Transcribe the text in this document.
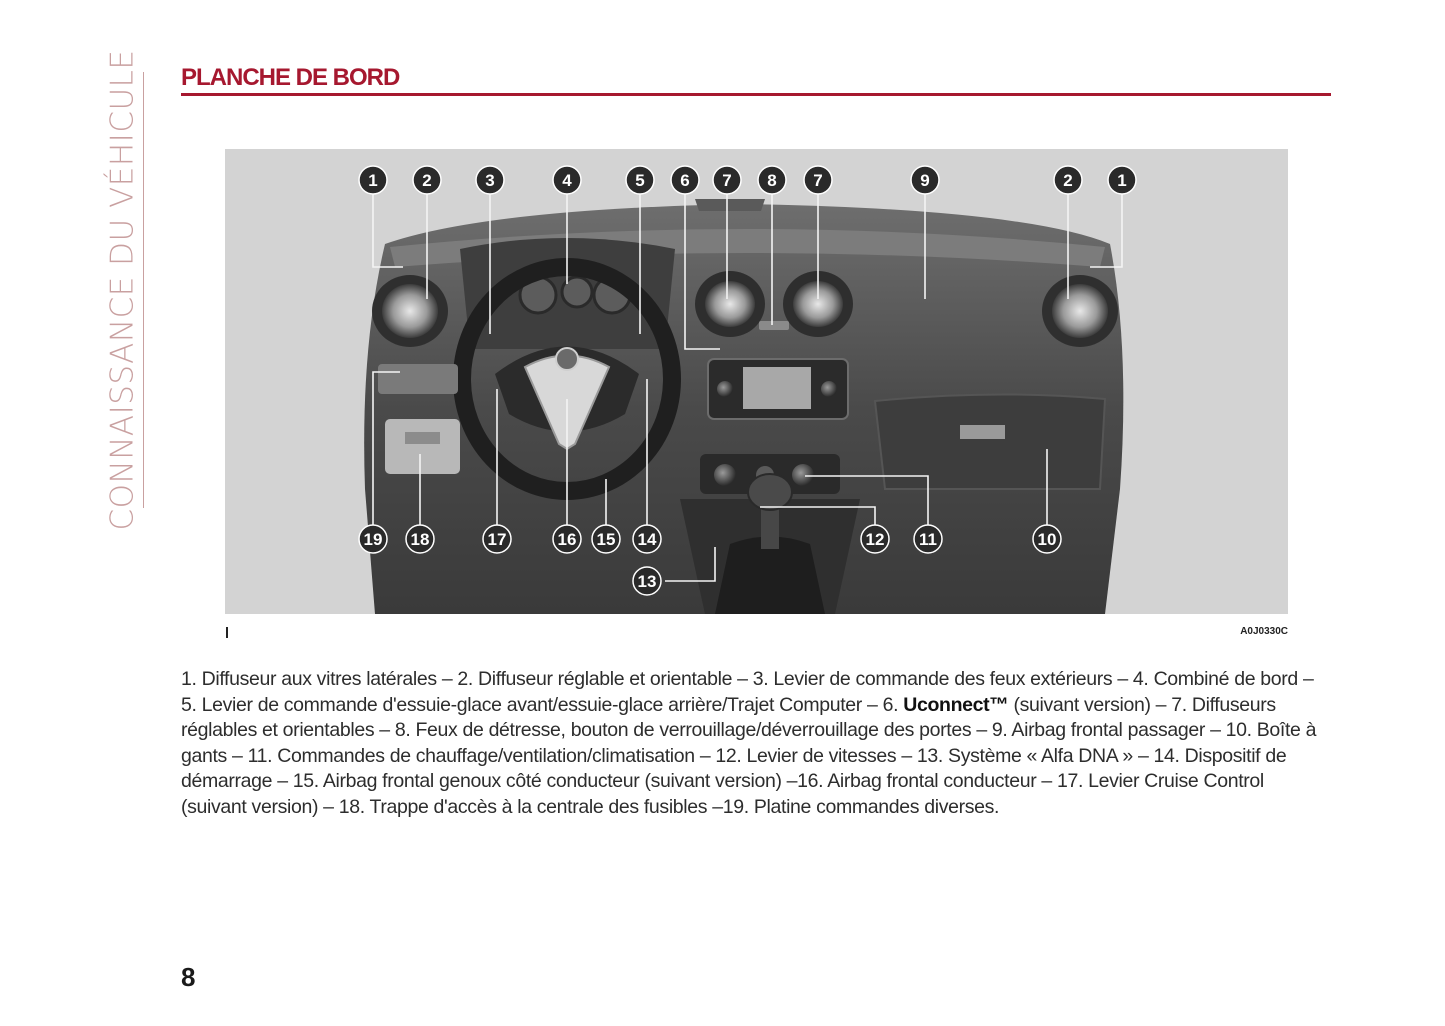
CONNAISSANCE DU VÉHICULE PLANCHE DE BORD
1	2	3	4	5 6 7 8 7	9	2	1
19 18	17	16 15 14	12 11	10
13
A0J0330C

1. Diffuseur aux vitres latérales – 2. Diffuseur réglable et orientable – 3. Levier de commande des feux extérieurs – 4. Combiné de bord – 5. Levier de commande d'essuie-glace avant/essuie-glace arrière/Trajet Computer – 6. Uconnect™ (suivant version) – 7. Diffuseurs réglables et orientables – 8. Feux de détresse, bouton de verrouillage/déverrouillage des portes – 9. Airbag frontal passager – 10. Boîte à gants – 11. Commandes de chauffage/ventilation/climatisation – 12. Levier de vitesses – 13. Système « Alfa DNA » – 14. Dispositif de démarrage – 15. Airbag frontal genoux côté conducteur (suivant version) –16. Airbag frontal conducteur – 17. Levier Cruise Control (suivant version) – 18. Trappe d'accès à la centrale des fusibles –19. Platine commandes diverses.

8
